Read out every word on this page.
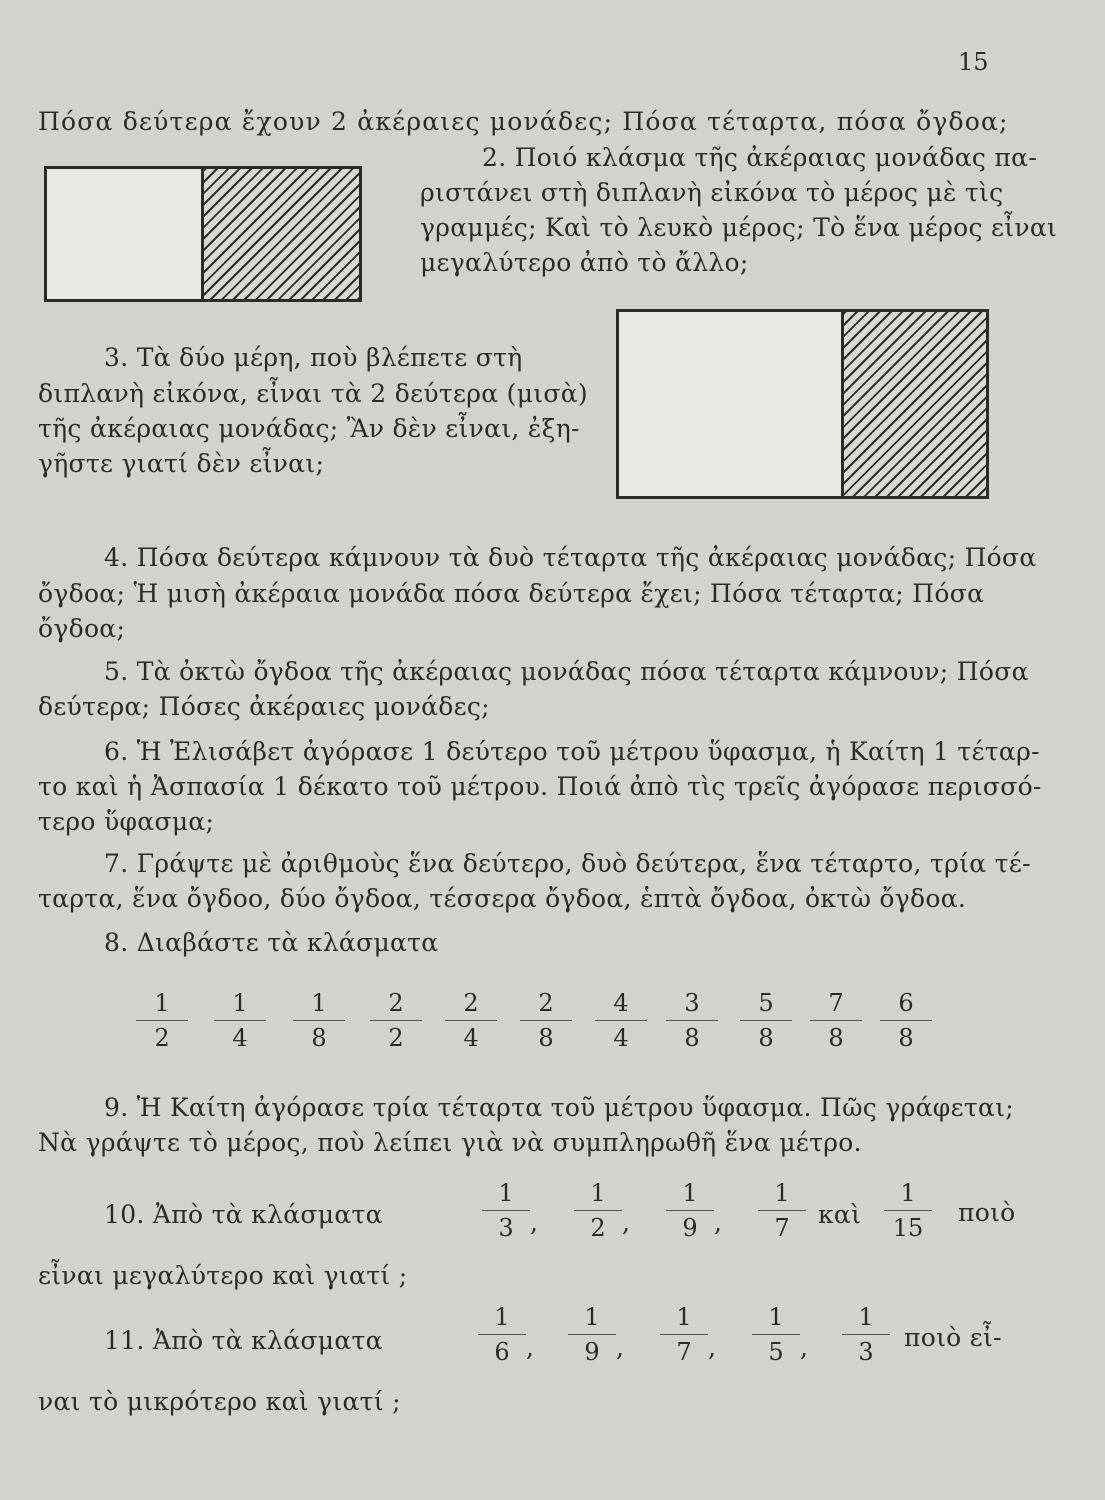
15

Πόσα δεύτερα ἔχουν 2 ἀκέραιες μονάδες; Πόσα τέταρτα, πόσα ὄγδοα;

2. Ποιό κλάσμα τῆς ἀκέραιας μονάδας πα-

ριστάνει στὴ διπλανὴ εἰκόνα τὸ μέρος μὲ τὶς

γραμμές; Καὶ τὸ λευκὸ μέρος; Τὸ ἕνα μέρος εἶναι

μεγαλύτερο ἀπὸ τὸ ἄλλο;

3. Τὰ δύο μέρη, ποὺ βλέπετε στὴ

διπλανὴ εἰκόνα, εἶναι τὰ 2 δεύτερα (μισὰ)

τῆς ἀκέραιας μονάδας; Ἂν δὲν εἶναι, ἐξη-

γῆστε γιατί δὲν εἶναι;

4. Πόσα δεύτερα κάμνουν τὰ δυὸ τέταρτα τῆς ἀκέραιας μονάδας; Πόσα

ὄγδοα; Ἡ μισὴ ἀκέραια μονάδα πόσα δεύτερα ἔχει; Πόσα τέταρτα; Πόσα

ὄγδοα;

5. Τὰ ὀκτὼ ὄγδοα τῆς ἀκέραιας μονάδας πόσα τέταρτα κάμνουν; Πόσα

δεύτερα; Πόσες ἀκέραιες μονάδες;

6. Ἡ Ἐλισάβετ ἀγόρασε 1 δεύτερο τοῦ μέτρου ὕφασμα, ἡ Καίτη 1 τέταρ-

το καὶ ἡ Ἀσπασία 1 δέκατο τοῦ μέτρου. Ποιά ἀπὸ τὶς τρεῖς ἀγόρασε περισσό-

τερο ὕφασμα;

7. Γράψτε μὲ ἀριθμοὺς ἕνα δεύτερο, δυὸ δεύτερα, ἕνα τέταρτο, τρία τέ-

ταρτα, ἕνα ὄγδοο, δύο ὄγδοα, τέσσερα ὄγδοα, ἑπτὰ ὄγδοα, ὀκτὼ ὄγδοα.

8. Διαβάστε τὰ κλάσματα

1
2
1
4
1
8
2
2
2
4
2
8
4
4
3
8
5
8
7
8
6
8

9. Ἡ Καίτη ἀγόρασε τρία τέταρτα τοῦ μέτρου ὕφασμα. Πῶς γράφεται;

Νὰ γράψτε τὸ μέρος, ποὺ λείπει γιὰ νὰ συμπληρωθῆ ἕνα μέτρο.

10. Ἀπὸ τὰ κλάσματα

1
3 ,
1
2 ,
1
9 ,
1
7	καὶ
1
15
ποιὸ

εἶναι μεγαλύτερο καὶ γιατί ;

11. Ἀπὸ τὰ κλάσματα

1
6 ,
1
9 ,
1
7 ,
1
5 ,
1
3	ποιὸ εἶ-

ναι τὸ μικρότερο καὶ γιατί ;
